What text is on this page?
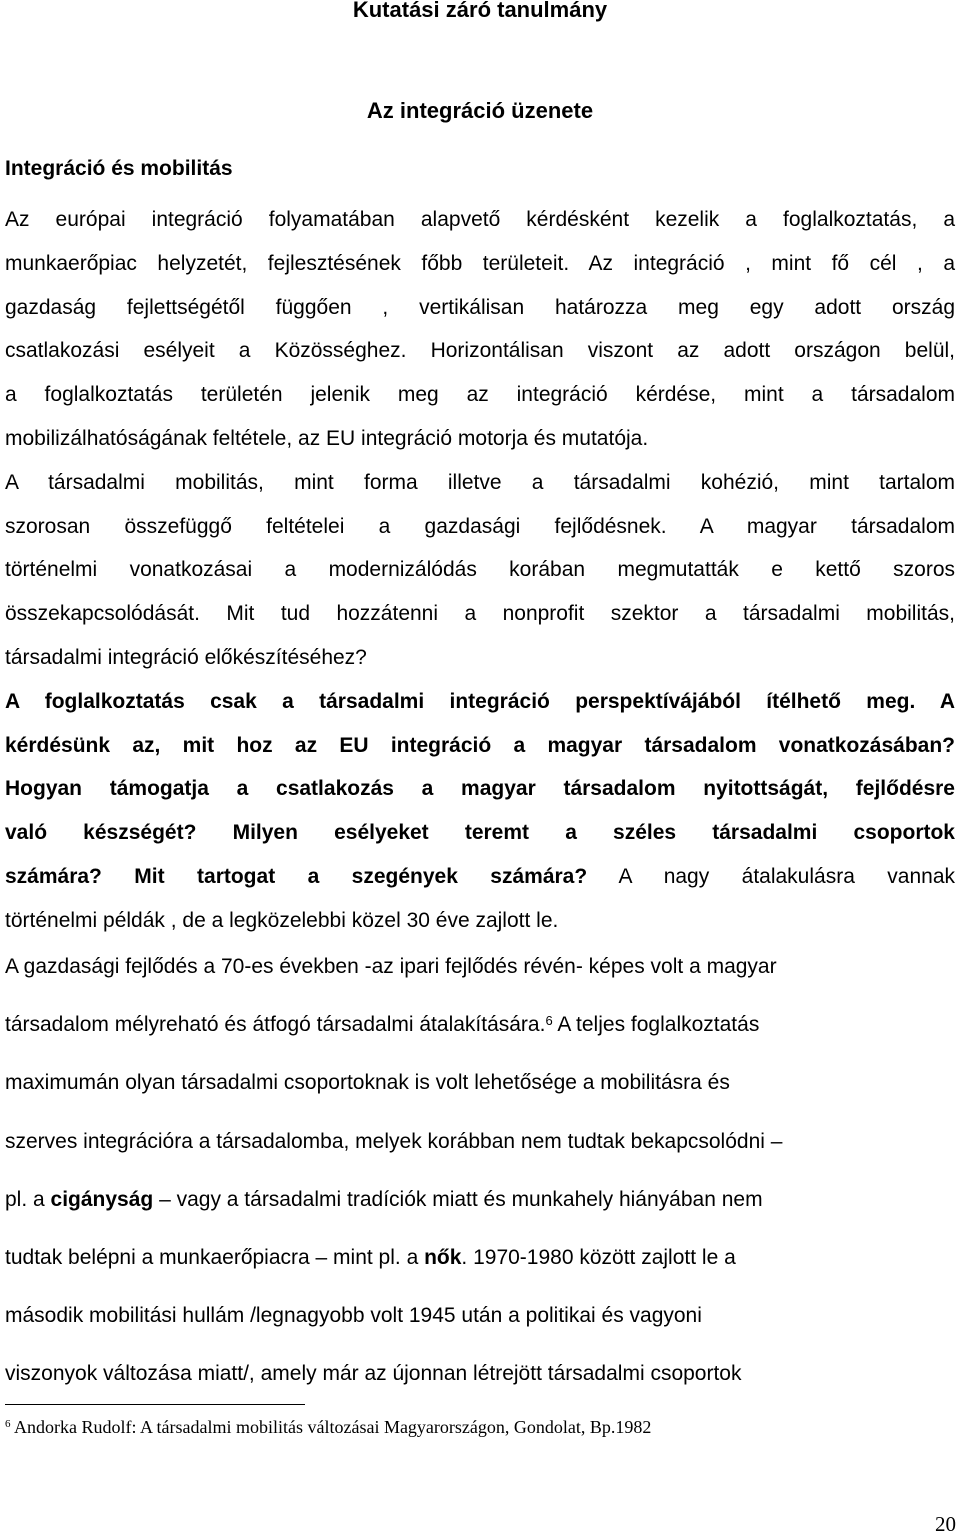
Kutatási záró tanulmány
Az integráció üzenete
Integráció és mobilitás
Az európai integráció folyamatában alapvető kérdésként kezelik a foglalkoztatás, a
munkaerőpiac helyzetét, fejlesztésének főbb területeit. Az integráció , mint fő cél , a
gazdaság fejlettségétől függően , vertikálisan határozza meg egy adott ország
csatlakozási esélyeit a Közösséghez. Horizontálisan viszont az adott országon belül,
a foglalkoztatás területén jelenik meg az integráció kérdése, mint a társadalom
mobilizálhatóságának feltétele, az EU integráció motorja és mutatója.
A társadalmi mobilitás, mint forma illetve a társadalmi kohézió, mint tartalom
szorosan összefüggő feltételei a gazdasági fejlődésnek. A magyar társadalom
történelmi vonatkozásai a modernizálódás korában megmutatták e kettő szoros
összekapcsolódását. Mit tud hozzátenni a nonprofit szektor a társadalmi mobilitás,
társadalmi integráció előkészítéséhez?
A foglalkoztatás csak a társadalmi integráció perspektívájából ítélhető meg. A
kérdésünk az, mit hoz az EU integráció a magyar társadalom vonatkozásában?
Hogyan támogatja a csatlakozás a magyar társadalom nyitottságát, fejlődésre
való készségét? Milyen esélyeket teremt a széles társadalmi csoportok
számára? Mit tartogat a szegények számára? A nagy átalakulásra vannak
történelmi példák , de a legközelebbi közel 30 éve zajlott le.
A gazdasági fejlődés a 70-es években -az ipari fejlődés révén- képes volt a magyar
társadalom mélyreható és átfogó társadalmi átalakítására.$^6$ A teljes foglalkoztatás
maximumán olyan társadalmi csoportoknak is volt lehetősége a mobilitásra és
szerves integrációra a társadalomba, melyek korábban nem tudtak bekapcsolódni –
pl. a cigányság – vagy a társadalmi tradíciók miatt és munkahely hiányában nem
tudtak belépni a munkaerőpiacra – mint pl. a nők. 1970-1980 között zajlott le a
második mobilitási hullám /legnagyobb volt 1945 után a politikai és vagyoni
viszonyok változása miatt/, amely már az újonnan létrejött társadalmi csoportok
$^6$ Andorka Rudolf: A társadalmi mobilitás változásai Magyarországon, Gondolat, Bp.1982
20
